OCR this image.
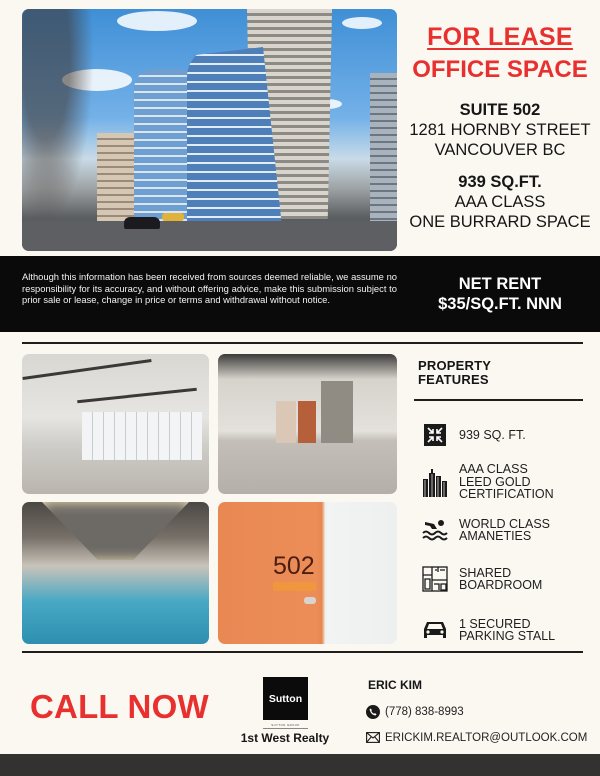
FOR LEASE
OFFICE SPACE
SUITE 502
1281 HORNBY STREET
VANCOUVER BC
939 SQ.FT.
AAA CLASS
ONE BURRARD SPACE
Although this information has been received from sources deemed reliable, we assume no responsibility for its accuracy, and without offering advice, make this submission subject to prior sale or lease, change in price or terms and withdrawal without notice.
NET RENT
$35/SQ.FT. NNN
502
PROPERTY
FEATURES
939 SQ. FT.
AAA CLASS
LEED GOLD
CERTIFICATION
WORLD CLASS
AMANETIES
SHARED
BOARDROOM
1 SECURED
PARKING STALL
CALL NOW	Sutton
SUTTON GROUP
1st West Realty
ERIC KIM
(778) 838-8993
ERICKIM.REALTOR@OUTLOOK.COM
